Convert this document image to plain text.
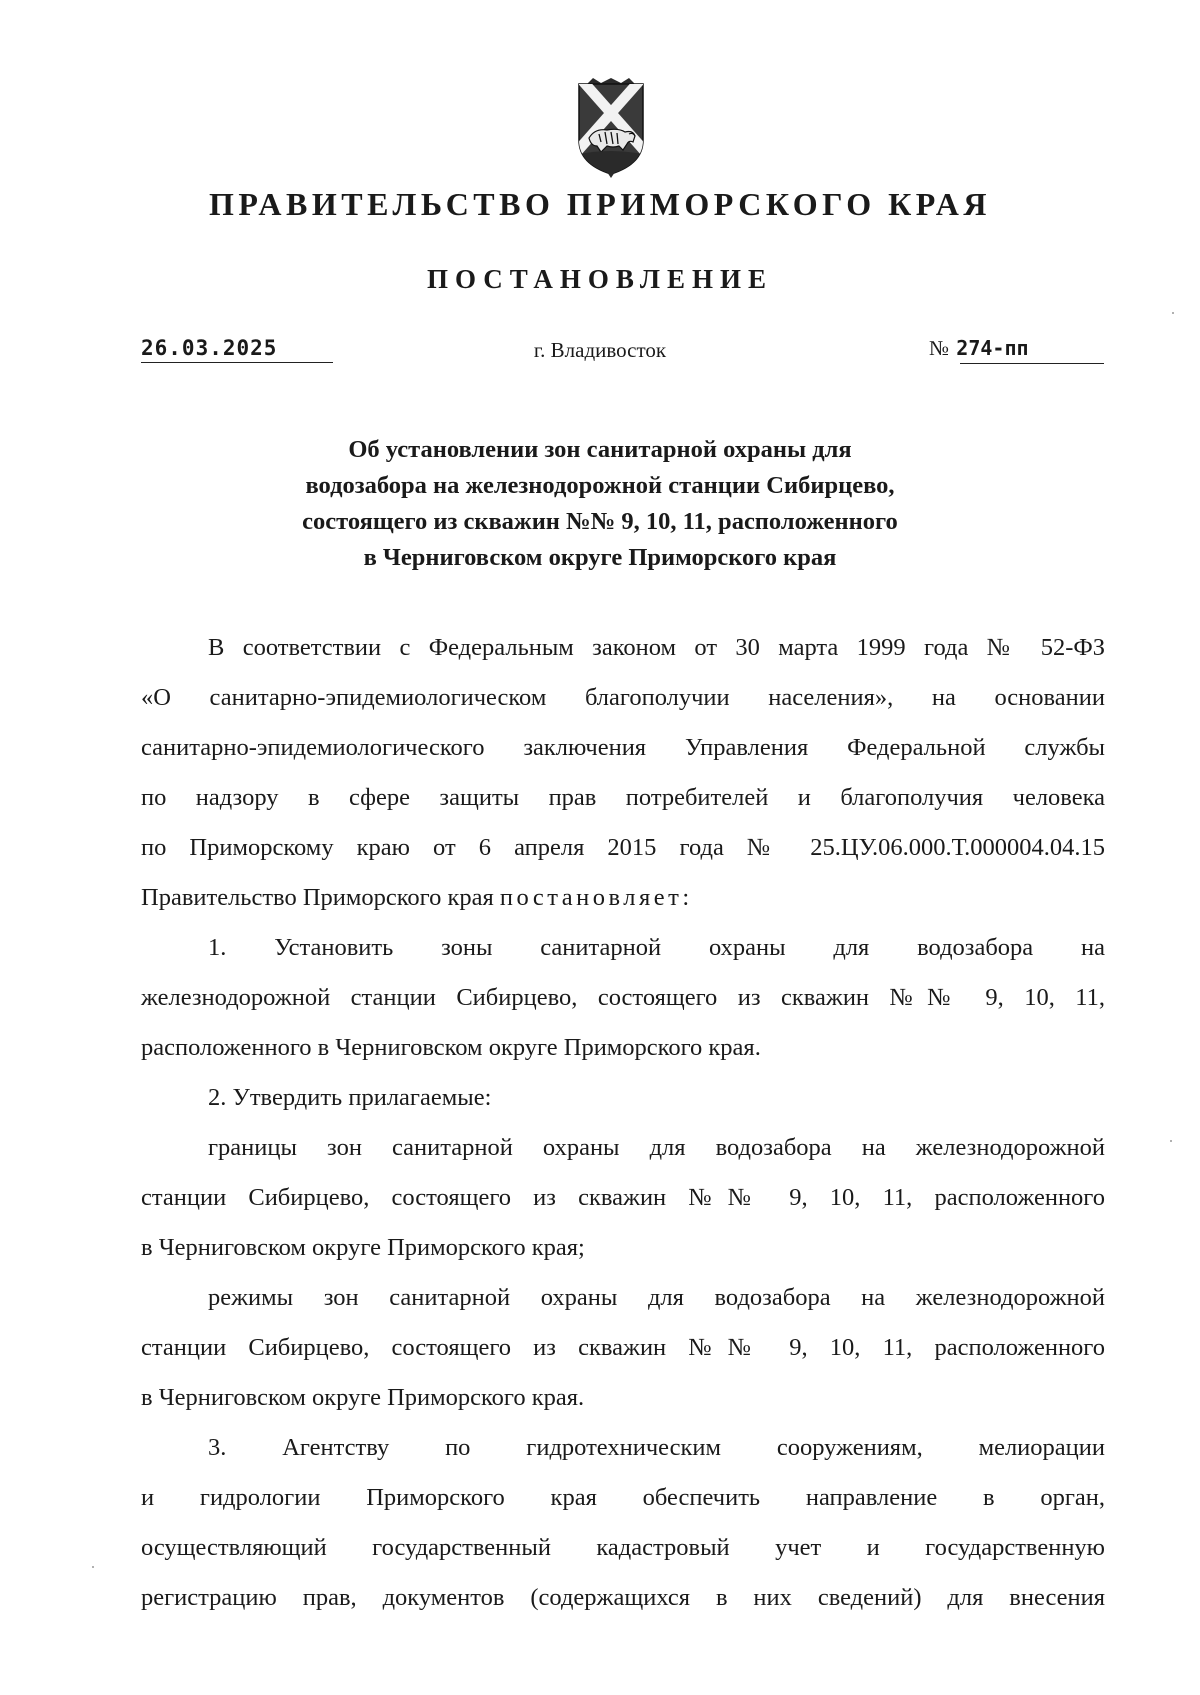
ПРАВИТЕЛЬСТВО ПРИМОРСКОГО КРАЯ
ПОСТАНОВЛЕНИЕ
26.03.2025	г. Владивосток	№ 274-пп
Об установлении зон санитарной охраны для
водозабора на железнодорожной станции Сибирцево,
состоящего из скважин №№ 9, 10, 11, расположенного
в Черниговском округе Приморского края

В соответствии с Федеральным законом от 30 марта 1999 года № 52-ФЗ

«О санитарно-эпидемиологическом благополучии населения», на основании

санитарно-эпидемиологического заключения Управления Федеральной службы

по надзору в сфере защиты прав потребителей и благополучия человека

по Приморскому краю от 6 апреля 2015 года № 25.ЦУ.06.000.Т.000004.04.15

Правительство Приморского края постановляет:

1. Установить зоны санитарной охраны для водозабора на

железнодорожной станции Сибирцево, состоящего из скважин №№ 9, 10, 11,

расположенного в Черниговском округе Приморского края.

2. Утвердить прилагаемые:

границы зон санитарной охраны для водозабора на железнодорожной

станции Сибирцево, состоящего из скважин №№ 9, 10, 11, расположенного

в Черниговском округе Приморского края;

режимы зон санитарной охраны для водозабора на железнодорожной

станции Сибирцево, состоящего из скважин №№ 9, 10, 11, расположенного

в Черниговском округе Приморского края.

3. Агентству по гидротехническим сооружениям, мелиорации

и гидрологии Приморского края обеспечить направление в орган,

осуществляющий государственный кадастровый учет и государственную

регистрацию прав, документов (содержащихся в них сведений) для внесения
